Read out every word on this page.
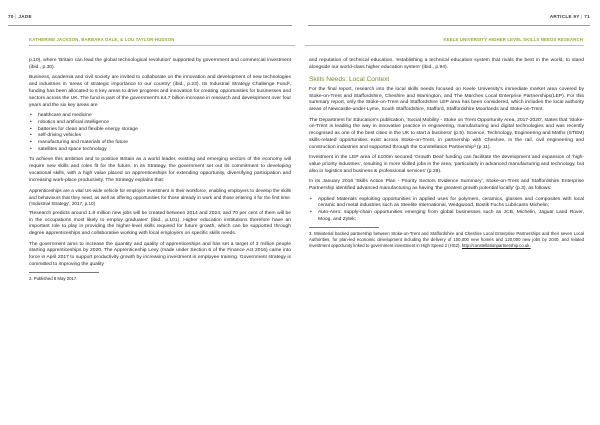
70 | JADE
KATHERINE JACKSON, BARBARA DALE, & LOU TAYLOR-HUDSON

p.10), where 'Britain can lead the global technological revolution' supported by government and commercial investment (ibid., p.30).

Business, academia and civil society are invited to collaborate on the innovation and development of new technologies and industries in 'areas of strategic importance to our country' (ibid., p.23). Its Industrial Strategy Challenge Fund², funding has been allocated to 6 key areas to drive progress and innovation for creating opportunities for businesses and sectors across the UK. The fund is part of the government's £4.7 billion increase in research and development over four years and the six key areas are

• healthcare and medicine
• robotics and artificial intelligence
• batteries for clean and flexible energy storage
• self-driving vehicles
• manufacturing and materials of the future
• satellites and space technology

To achieve this ambition and to position Britain as a world leader, existing and emerging sectors of the economy will require new skills and roles fit for the future. In its Strategy, the government set out its commitment to developing vocational skills, with a high value placed on apprenticeships for extending opportunity, diversifying participation and increasing work-place productivity. The Strategy explains that:

Apprenticeships are a vital UK-wide vehicle for employer investment in their workforce, enabling employers to develop the skills and behaviours that they need, as well as offering opportunities for those already in work and those entering it for the first time. ('Industrial Strategy', 2017, p.10)

'Research predicts around 1.8 million new jobs will be created between 2014 and 2024, and 70 per cent of them will be in the occupations most likely to employ graduates' (ibid., p.101). Higher education institutions therefore have an important role to play in providing the higher-level skills required for future growth, which can be supported through degree apprenticeships and collaborative working with local employers on specific skills needs.

The government aims to increase the quantity and quality of apprenticeships and has set a target of 3 million people starting apprenticeships by 2020. The Apprenticeship Levy (made under Section 6 of the Finance Act 2016) came into force in April 2017 to support productivity growth by increasing investment in employee training. Government strategy is committed to improving the quality

2. Published 8 May 2017.
ARTICLE 9Y | 71
KEELE UNIVERSITY HIGHER LEVEL SKILLS NEEDS RESEARCH

and reputation of technical education, 'establishing a technical education system that rivals the best in the world, to stand alongside our world-class higher education system' (ibid., p.94).

Skills Needs: Local Context

For the final report, research into the local skills needs focused on Keele University's immediate market area covered by Stoke-on-Trent and Staffordshire, Cheshire and Warrington, and The Marches Local Enterprise Partnerships(LEP). For this summary report, only the Stoke-on-Trent and Staffordshire LEP area has been considered, which includes the local authority areas of Newcastle-under-Lyme, South Staffordshire, Stafford, Staffordshire Moorlands and Stoke-on-Trent.

The Department for Education's publication, 'Social Mobility - Stoke on Trent Opportunity Area, 2017-2020', states that 'Stoke-on-Trent is leading the way in innovative practice in engineering, manufacturing and digital technologies and was recently recognised as one of the best cities in the UK to start a business' (p.5). Science, Technology, Engineering and Maths (STEM) skills-related opportunities exist across Stoke-on-Trent, in partnership with Cheshire, in the rail, civil engineering and construction industries and supported through the Constellation Partnership³ (p.11).

Investment in the LEP area of £100m secured 'Growth Deal' funding can facilitate the development and expansion of 'high-value priority industries', resulting in more skilled jobs in the area, 'particularly in advanced manufacturing and technology, but also in logistics and business & professional services' (p.29).

In its January 2016 'Skills Action Plan - Priority Sectors Evidence Summary', Stoke-on-Trent and Staffordshire Enterprise Partnership identified advanced manufacturing as having 'the greatest growth potential locally' (p.3), as follows:

• Applied Materials exploiting opportunities in applied uses for polymers, ceramics, glasses and composites with local ceramic and metal industries such as Steelite International, Wedgwood, Bostik Fuchs Lubricants Michelin;
• Auto-Aero: supply-chain opportunities emerging from global businesses such as JCB, Michelin, Jaguar Land Rover, Moog, and Zytek;
3. Ministerial backed partnership between Stoke-on-Trent and Staffordshire and Cheshire Local Enterprise Partnerships and their seven Local Authorities, for plan-led economic development including the delivery of 100,000 new homes and 120,000 new jobs by 2040, and related investment opportunity linked to government investment in High Speed 2 (HS2). http://constellationpartnership.co.uk.
